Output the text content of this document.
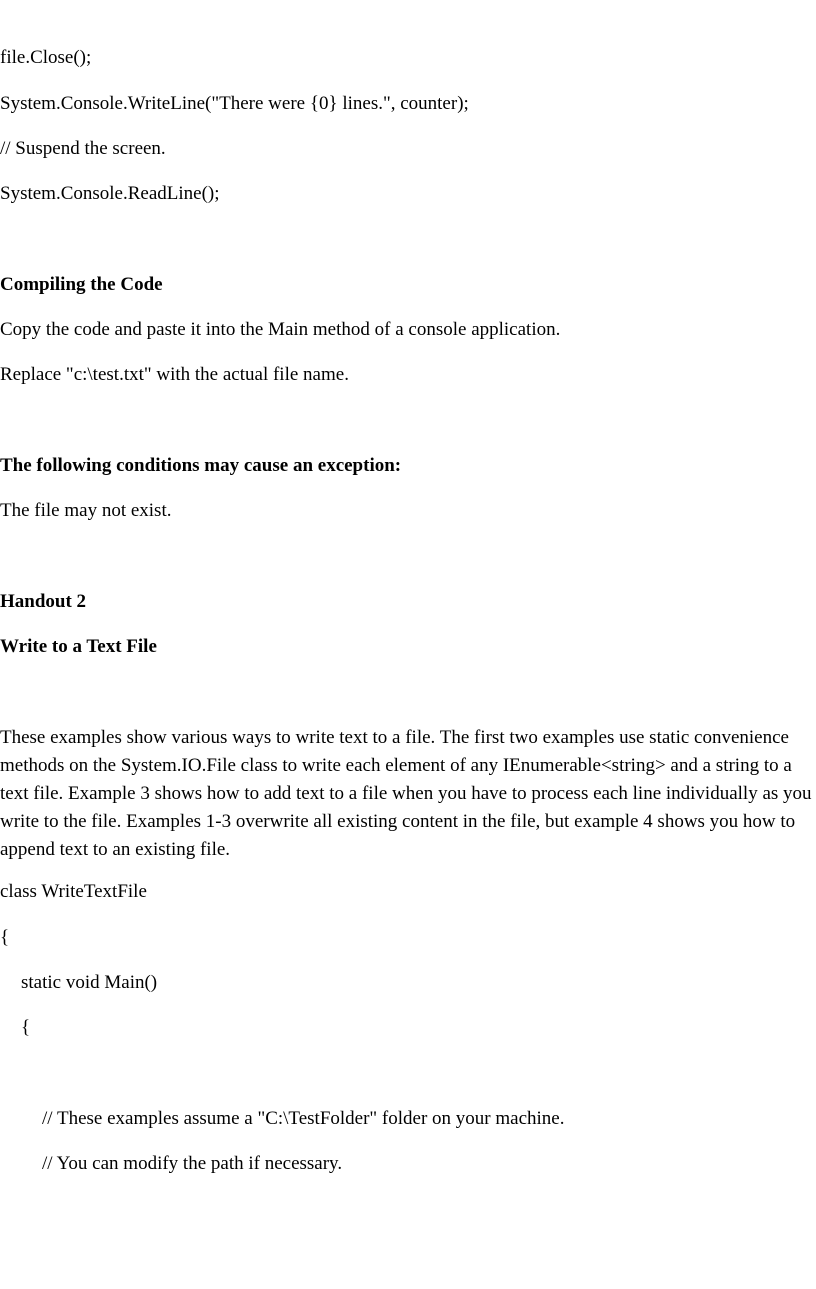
file.Close();

System.Console.WriteLine("There were {0} lines.", counter);

// Suspend the screen.

System.Console.ReadLine();

Compiling the Code

Copy the code and paste it into the Main method of a console application.

Replace "c:\test.txt" with the actual file name.

The following conditions may cause an exception:

The file may not exist.

Handout 2

Write to a Text File

These examples show various ways to write text to a file. The first two examples use static convenience methods on the System.IO.File class to write each element of any IEnumerable<string> and a string to a text file. Example 3 shows how to add text to a file when you have to process each line individually as you write to the file. Examples 1-3 overwrite all existing content in the file, but example 4 shows you how to append text to an existing file.

class WriteTextFile

{

static void Main()

{

// These examples assume a "C:\TestFolder" folder on your machine.

// You can modify the path if necessary.
